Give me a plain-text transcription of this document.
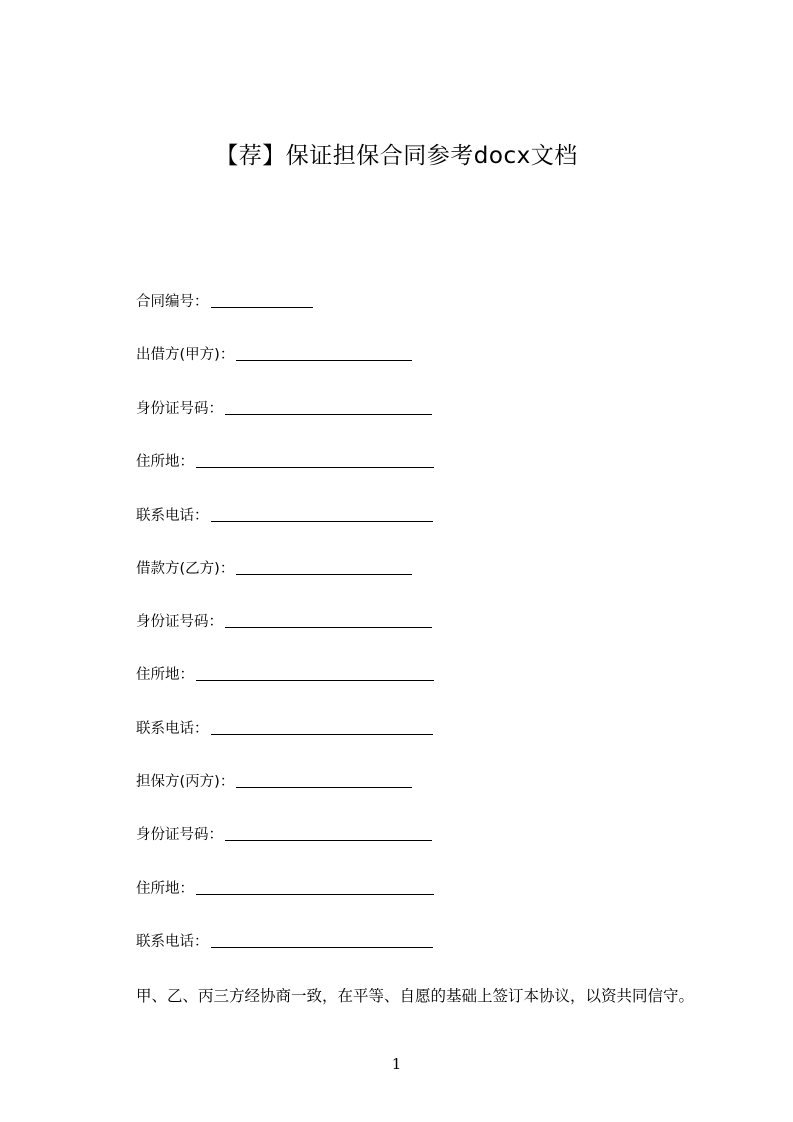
【荐】保证担保合同参考docx文档
合同编号：
出借方(甲方)：
身份证号码：
住所地：
联系电话：
借款方(乙方)：
身份证号码：
住所地：
联系电话：
担保方(丙方)：
身份证号码：
住所地：
联系电话：
甲、乙、丙三方经协商一致，在平等、自愿的基础上签订本协议，以资共同信守。
1
